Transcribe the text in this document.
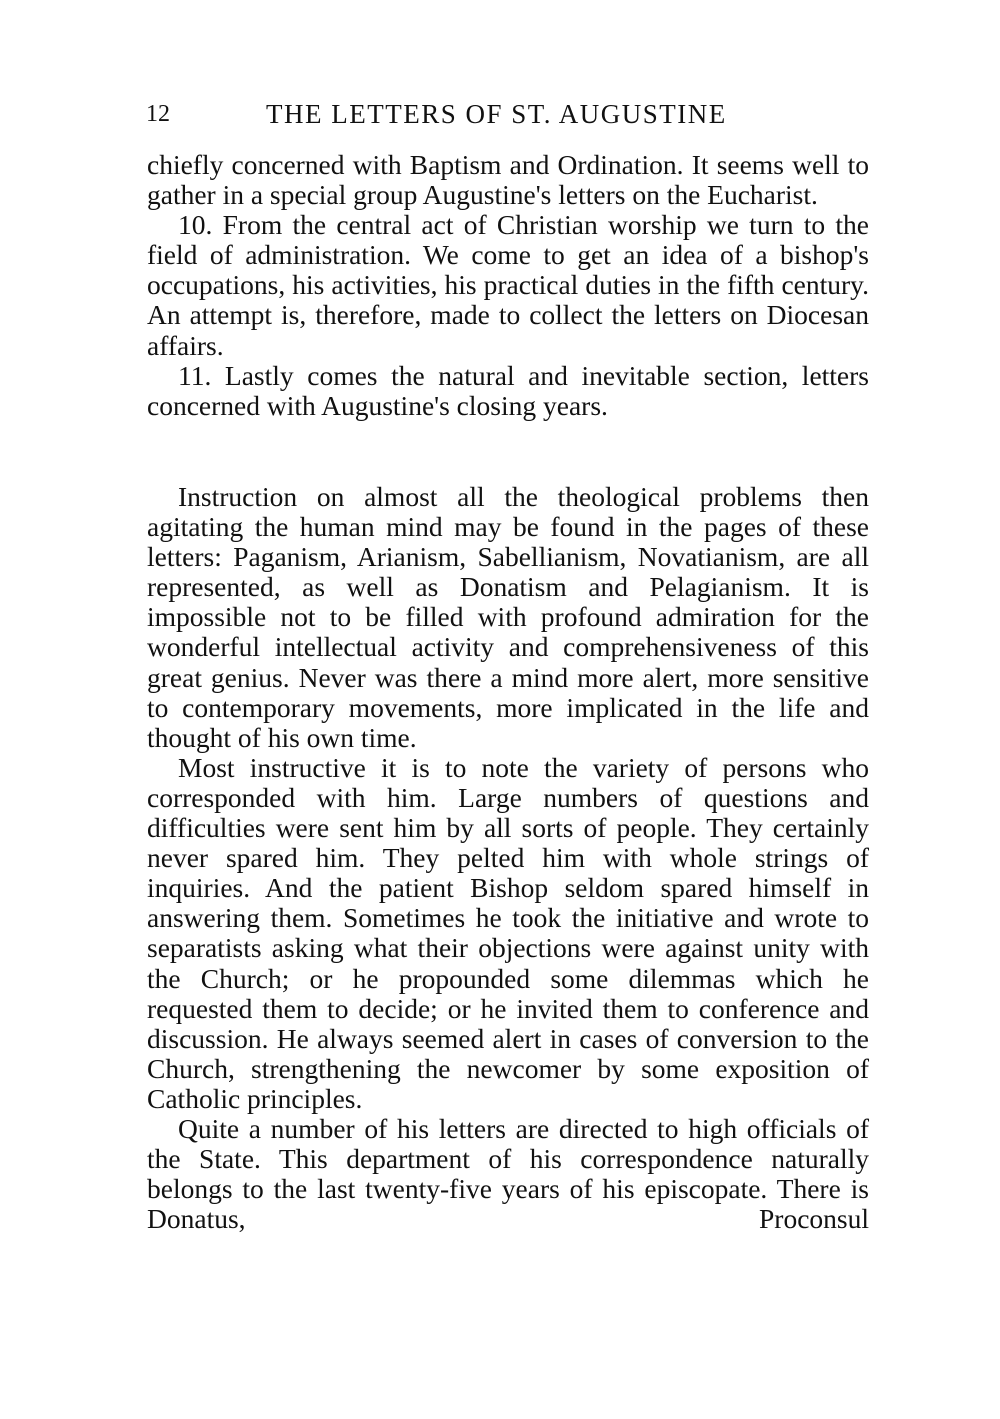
12	THE LETTERS OF ST. AUGUSTINE

chiefly concerned with Baptism and Ordination. It seems well to gather in a special group Augustine's letters on the Eucharist.

10. From the central act of Christian worship we turn to the field of administration. We come to get an idea of a bishop's occupations, his activities, his practical duties in the fifth century. An attempt is, therefore, made to collect the letters on Diocesan affairs.

11. Lastly comes the natural and inevitable section, letters concerned with Augustine's closing years.

Instruction on almost all the theological problems then agitating the human mind may be found in the pages of these letters: Paganism, Arianism, Sabellianism, Novatianism, are all represented, as well as Donatism and Pelagianism. It is impossible not to be filled with profound admiration for the wonderful intellectual activity and comprehensiveness of this great genius. Never was there a mind more alert, more sensitive to contemporary movements, more implicated in the life and thought of his own time.

Most instructive it is to note the variety of persons who corresponded with him. Large numbers of questions and difficulties were sent him by all sorts of people. They certainly never spared him. They pelted him with whole strings of inquiries. And the patient Bishop seldom spared himself in answering them. Sometimes he took the initiative and wrote to separatists asking what their objections were against unity with the Church; or he propounded some dilemmas which he requested them to decide; or he invited them to conference and discussion. He always seemed alert in cases of conversion to the Church, strengthening the newcomer by some exposition of Catholic principles.

Quite a number of his letters are directed to high officials of the State. This department of his correspondence naturally belongs to the last twenty-five years of his episcopate. There is Donatus, Proconsul
